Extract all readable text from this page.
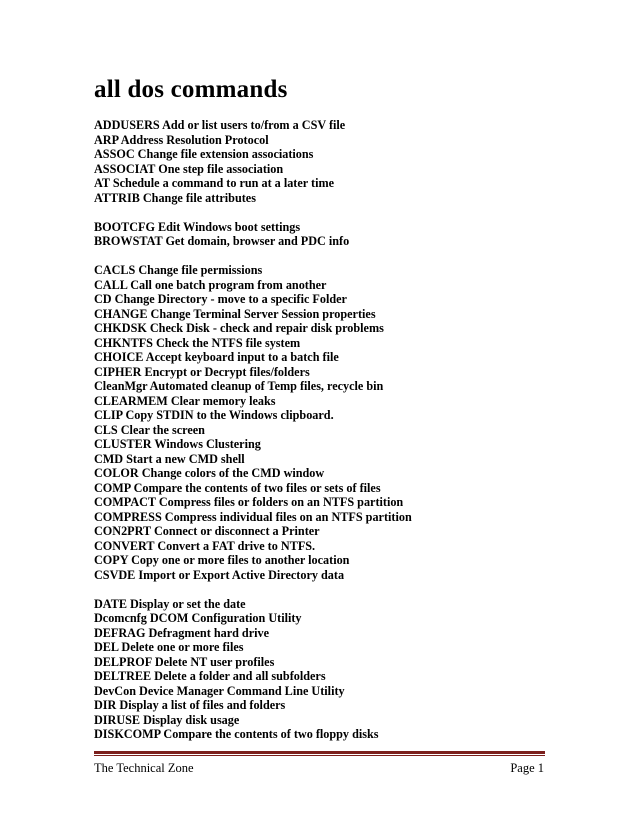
all dos commands
ADDUSERS Add or list users to/from a CSV file
ARP Address Resolution Protocol
ASSOC Change file extension associations
ASSOCIAT One step file association
AT Schedule a command to run at a later time
ATTRIB Change file attributes
BOOTCFG Edit Windows boot settings
BROWSTAT Get domain, browser and PDC info
CACLS Change file permissions
CALL Call one batch program from another
CD Change Directory - move to a specific Folder
CHANGE Change Terminal Server Session properties
CHKDSK Check Disk - check and repair disk problems
CHKNTFS Check the NTFS file system
CHOICE Accept keyboard input to a batch file
CIPHER Encrypt or Decrypt files/folders
CleanMgr Automated cleanup of Temp files, recycle bin
CLEARMEM Clear memory leaks
CLIP Copy STDIN to the Windows clipboard.
CLS Clear the screen
CLUSTER Windows Clustering
CMD Start a new CMD shell
COLOR Change colors of the CMD window
COMP Compare the contents of two files or sets of files
COMPACT Compress files or folders on an NTFS partition
COMPRESS Compress individual files on an NTFS partition
CON2PRT Connect or disconnect a Printer
CONVERT Convert a FAT drive to NTFS.
COPY Copy one or more files to another location
CSVDE Import or Export Active Directory data
DATE Display or set the date
Dcomcnfg DCOM Configuration Utility
DEFRAG Defragment hard drive
DEL Delete one or more files
DELPROF Delete NT user profiles
DELTREE Delete a folder and all subfolders
DevCon Device Manager Command Line Utility
DIR Display a list of files and folders
DIRUSE Display disk usage
DISKCOMP Compare the contents of two floppy disks
The Technical Zone	Page 1
